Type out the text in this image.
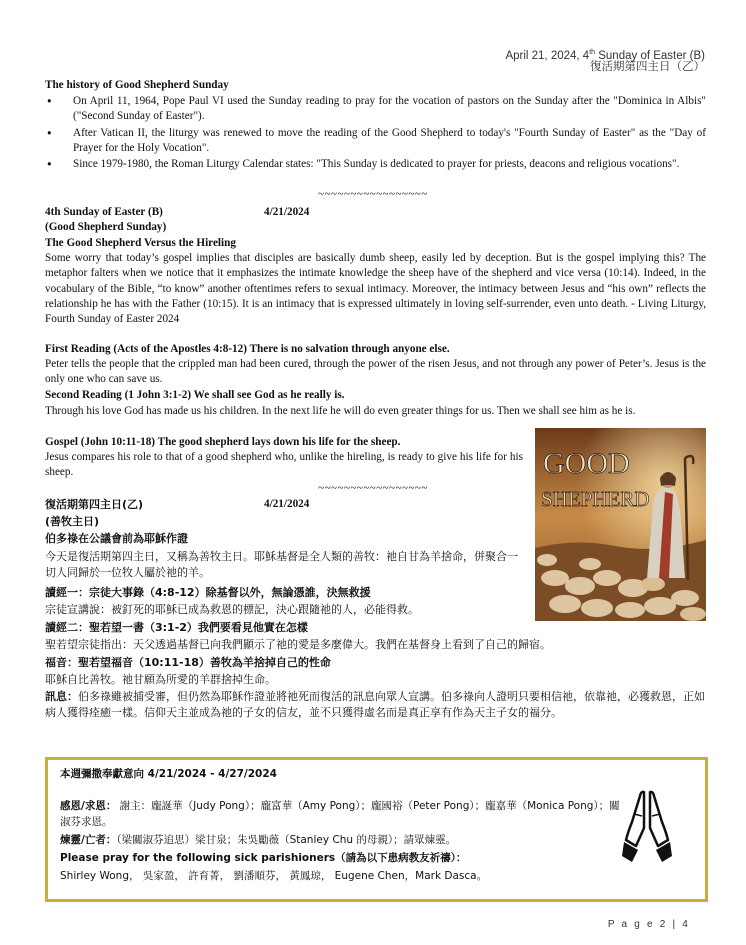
April 21, 2024, 4th Sunday of Easter (B)
復活期第四主日（乙）
The history of Good Shepherd Sunday
• On April 11, 1964, Pope Paul VI used the Sunday reading to pray for the vocation of pastors on the Sunday after the "Dominica in Albis" ("Second Sunday of Easter").
• After Vatican II, the liturgy was renewed to move the reading of the Good Shepherd to today's "Fourth Sunday of Easter" as the "Day of Prayer for the Holy Vocation".
• Since 1979-1980, the Roman Liturgy Calendar states: "This Sunday is dedicated to prayer for priests, deacons and religious vocations".
~~~~~~~~~~~~~~~~~
4th Sunday of Easter (B)	4/21/2024
(Good Shepherd Sunday)
The Good Shepherd Versus the Hireling
Some worry that today’s gospel implies that disciples are basically dumb sheep, easily led by deception. But is the gospel implying this? The metaphor falters when we notice that it emphasizes the intimate knowledge the sheep have of the shepherd and vice versa (10:14). Indeed, in the vocabulary of the Bible, “to know” another oftentimes refers to sexual intimacy. Moreover, the intimacy between Jesus and “his own” reflects the relationship he has with the Father (10:15). It is an intimacy that is expressed ultimately in loving self-surrender, even unto death. - Living Liturgy, Fourth Sunday of Easter 2024
First Reading (Acts of the Apostles 4:8-12) There is no salvation through anyone else.
Peter tells the people that the crippled man had been cured, through the power of the risen Jesus, and not through any power of Peter’s. Jesus is the only one who can save us.
Second Reading (1 John 3:1-2) We shall see God as he really is.
Through his love God has made us his children. In the next life he will do even greater things for us. Then we shall see him as he is.
Gospel (John 10:11-18) The good shepherd lays down his life for the sheep.
Jesus compares his role to that of a good shepherd who, unlike the hireling, is ready to give his life for his sheep.	GOOD
SHEPHERD
~~~~~~~~~~~~~~~~~
復活期第四主日(乙)	4/21/2024
(善牧主日)
伯多祿在公議會前為耶穌作證
今天是復活期第四主日，又稱為善牧主日。耶穌基督是全人類的善牧：祂自甘為羊捨命，併聚合一切人同歸於一位牧人屬於祂的羊。
讀經一：宗徒大事錄（4:8-12）除基督以外，無論憑誰，決無救援
宗徒宣講說：被釘死的耶穌已成為救恩的標記，決心跟隨祂的人，必能得救。
讀經二：聖若望一書（3:1-2）我們要看見他實在怎樣
聖若望宗徒指出：天父透過基督已向我們顯示了祂的愛是多麼偉大。我們在基督身上看到了自己的歸宿。
福音：聖若望福音（10:11-18）善牧為羊捨掉自己的性命
耶穌自比善牧。祂甘願為所愛的羊群捨掉生命。
訊息：伯多祿雖被捕受審，但仍然為耶穌作證並將祂死而復活的訊息向眾人宣講。伯多祿向人證明只要相信祂，依靠祂，必獲救恩，正如病人獲得痊癒一樣。信仰天主並成為祂的子女的信友，並不只獲得虛名而是真正享有作為天主子女的福分。
本週彌撒奉獻意向 4/21/2024 - 4/27/2024
感恩/求恩： 謝主：龐誕華（Judy Pong）；龐富華（Amy Pong）；龐國裕（Peter Pong）；龐嘉華（Monica Pong）；關淑芬求恩。
煉靈/亡者：（梁關淑芬追思）梁甘泉；朱吳勵薇（Stanley Chu 的母親）；請眾煉靈。
Please pray for the following sick parishioners（請為以下患病教友祈禱）：
Shirley Wong， 吳家盈， 許育菁， 劉潘順芬， 黃鳳琼， Eugene Chen，Mark Dasca。
P a g e 2 | 4
